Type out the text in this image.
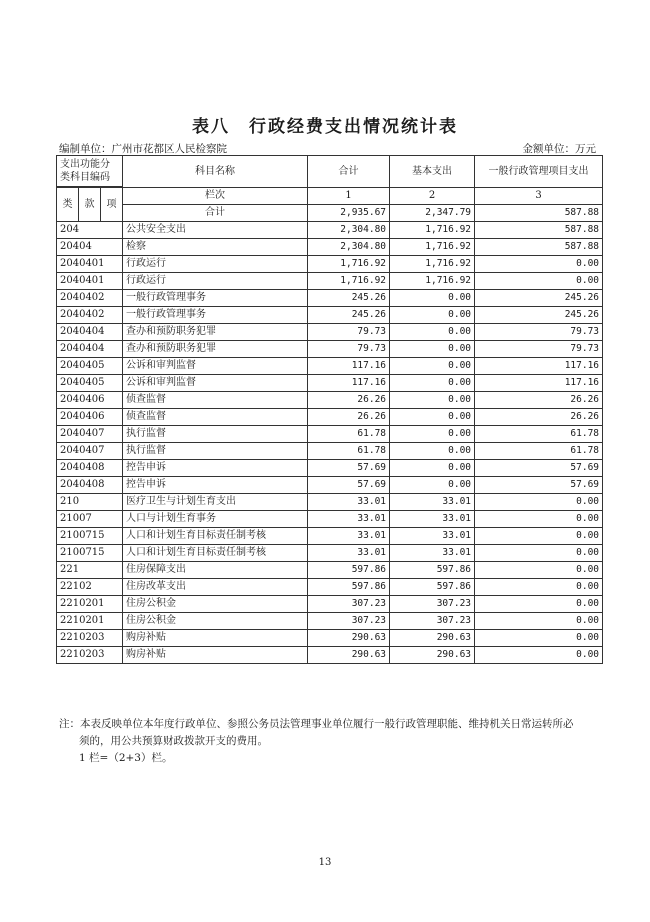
表八　行政经费支出情况统计表
编制单位：广州市花都区人民检察院	金额单位：万元
支出功能分类科目编码			科目名称	合计	基本支出	一般行政管理项目支出

类	款	项	栏次	1	2	3
			合计	2,935.67	2,347.79	587.88
204			公共安全支出	2,304.80	1,716.92	587.88
20404			检察	2,304.80	1,716.92	587.88
2040401			行政运行	1,716.92	1,716.92	0.00
2040401			行政运行	1,716.92	1,716.92	0.00
2040402			一般行政管理事务	245.26	0.00	245.26
2040402			一般行政管理事务	245.26	0.00	245.26
2040404			查办和预防职务犯罪	79.73	0.00	79.73
2040404			查办和预防职务犯罪	79.73	0.00	79.73
2040405			公诉和审判监督	117.16	0.00	117.16
2040405			公诉和审判监督	117.16	0.00	117.16
2040406			侦查监督	26.26	0.00	26.26
2040406			侦查监督	26.26	0.00	26.26
2040407			执行监督	61.78	0.00	61.78
2040407			执行监督	61.78	0.00	61.78
2040408			控告申诉	57.69	0.00	57.69
2040408			控告申诉	57.69	0.00	57.69
210			医疗卫生与计划生育支出	33.01	33.01	0.00
21007			人口与计划生育事务	33.01	33.01	0.00
2100715			人口和计划生育目标责任制考核	33.01	33.01	0.00
2100715			人口和计划生育目标责任制考核	33.01	33.01	0.00
221			住房保障支出	597.86	597.86	0.00
22102			住房改革支出	597.86	597.86	0.00
2210201			住房公积金	307.23	307.23	0.00
2210201			住房公积金	307.23	307.23	0.00
2210203			购房补贴	290.63	290.63	0.00
2210203			购房补贴	290.63	290.63	0.00
注：本表反映单位本年度行政单位、参照公务员法管理事业单位履行一般行政管理职能、维持机关日常运转所必
须的，用公共预算财政拨款开支的费用。
1 栏=（2+3）栏。
13
